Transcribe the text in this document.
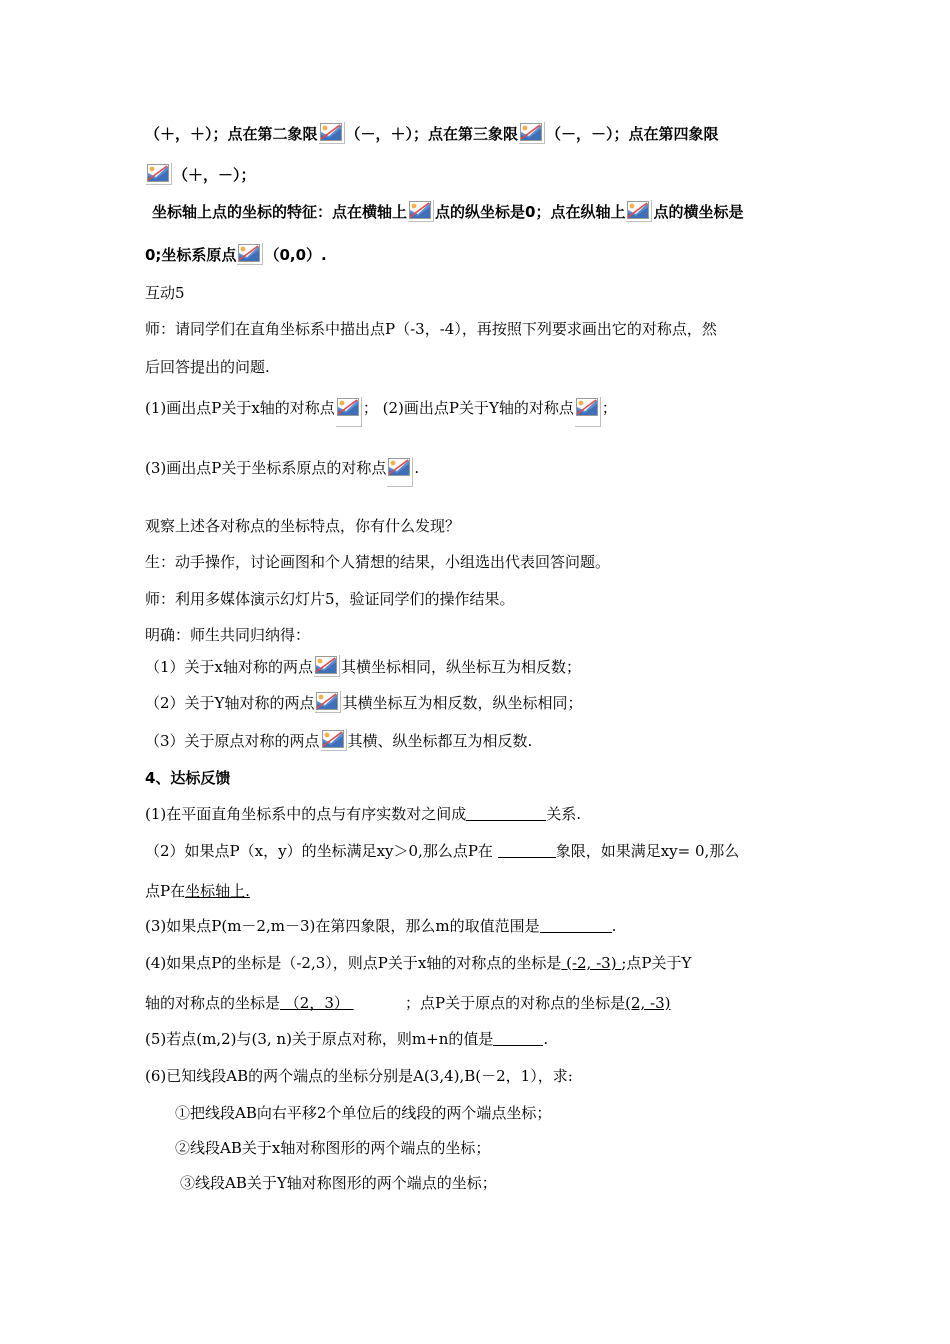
（＋，＋）；点在第二象限 （－，＋）；点在第三象限 （－，－）；点在第四象限
（＋，－）；
坐标轴上点的坐标的特征：点在横轴上 点的纵坐标是0；点在纵轴上 点的横坐标是
0;坐标系原点 （0,0）.
互动5
师：请同学们在直角坐标系中描出点P（-3，-4），再按照下列要求画出它的对称点，然
后回答提出的问题.
(1)画出点P关于x轴的对称点 ； (2)画出点P关于Y轴的对称点 ；
(3)画出点P关于坐标系原点的对称点 .
观察上述各对称点的坐标特点，你有什么发现？
生：动手操作，讨论画图和个人猜想的结果，小组选出代表回答问题。
师：利用多媒体演示幻灯片5，验证同学们的操作结果。
明确：师生共同归纳得：
（1）关于x轴对称的两点 其横坐标相同，纵坐标互为相反数；
（2）关于Y轴对称的两点 其横坐标互为相反数，纵坐标相同；
（3）关于原点对称的两点 其横、纵坐标都互为相反数.
4、达标反馈
(1)在平面直角坐标系中的点与有序实数对之间成	关系.
（2）如果点P（x，y）的坐标满足xy＞0,那么点P在	象限，如果满足xy= 0,那么
点P在坐标轴上.
(3)如果点P(m－2,m－3)在第四象限，那么m的取值范围是	.
(4)如果点P的坐标是（-2,3），则点P关于x轴的对称点的坐标是 (-2, -3) ;点P关于Y
轴的对称点的坐标是 （2，3）	；点P关于原点的对称点的坐标是(2, -3)
(5)若点(m,2)与(3, n)关于原点对称，则m+n的值是	.
(6)已知线段AB的两个端点的坐标分别是A(3,4),B(－2，1），求:
①把线段AB向右平移2个单位后的线段的两个端点坐标；
②线段AB关于x轴对称图形的两个端点的坐标；
③线段AB关于Y轴对称图形的两个端点的坐标；
